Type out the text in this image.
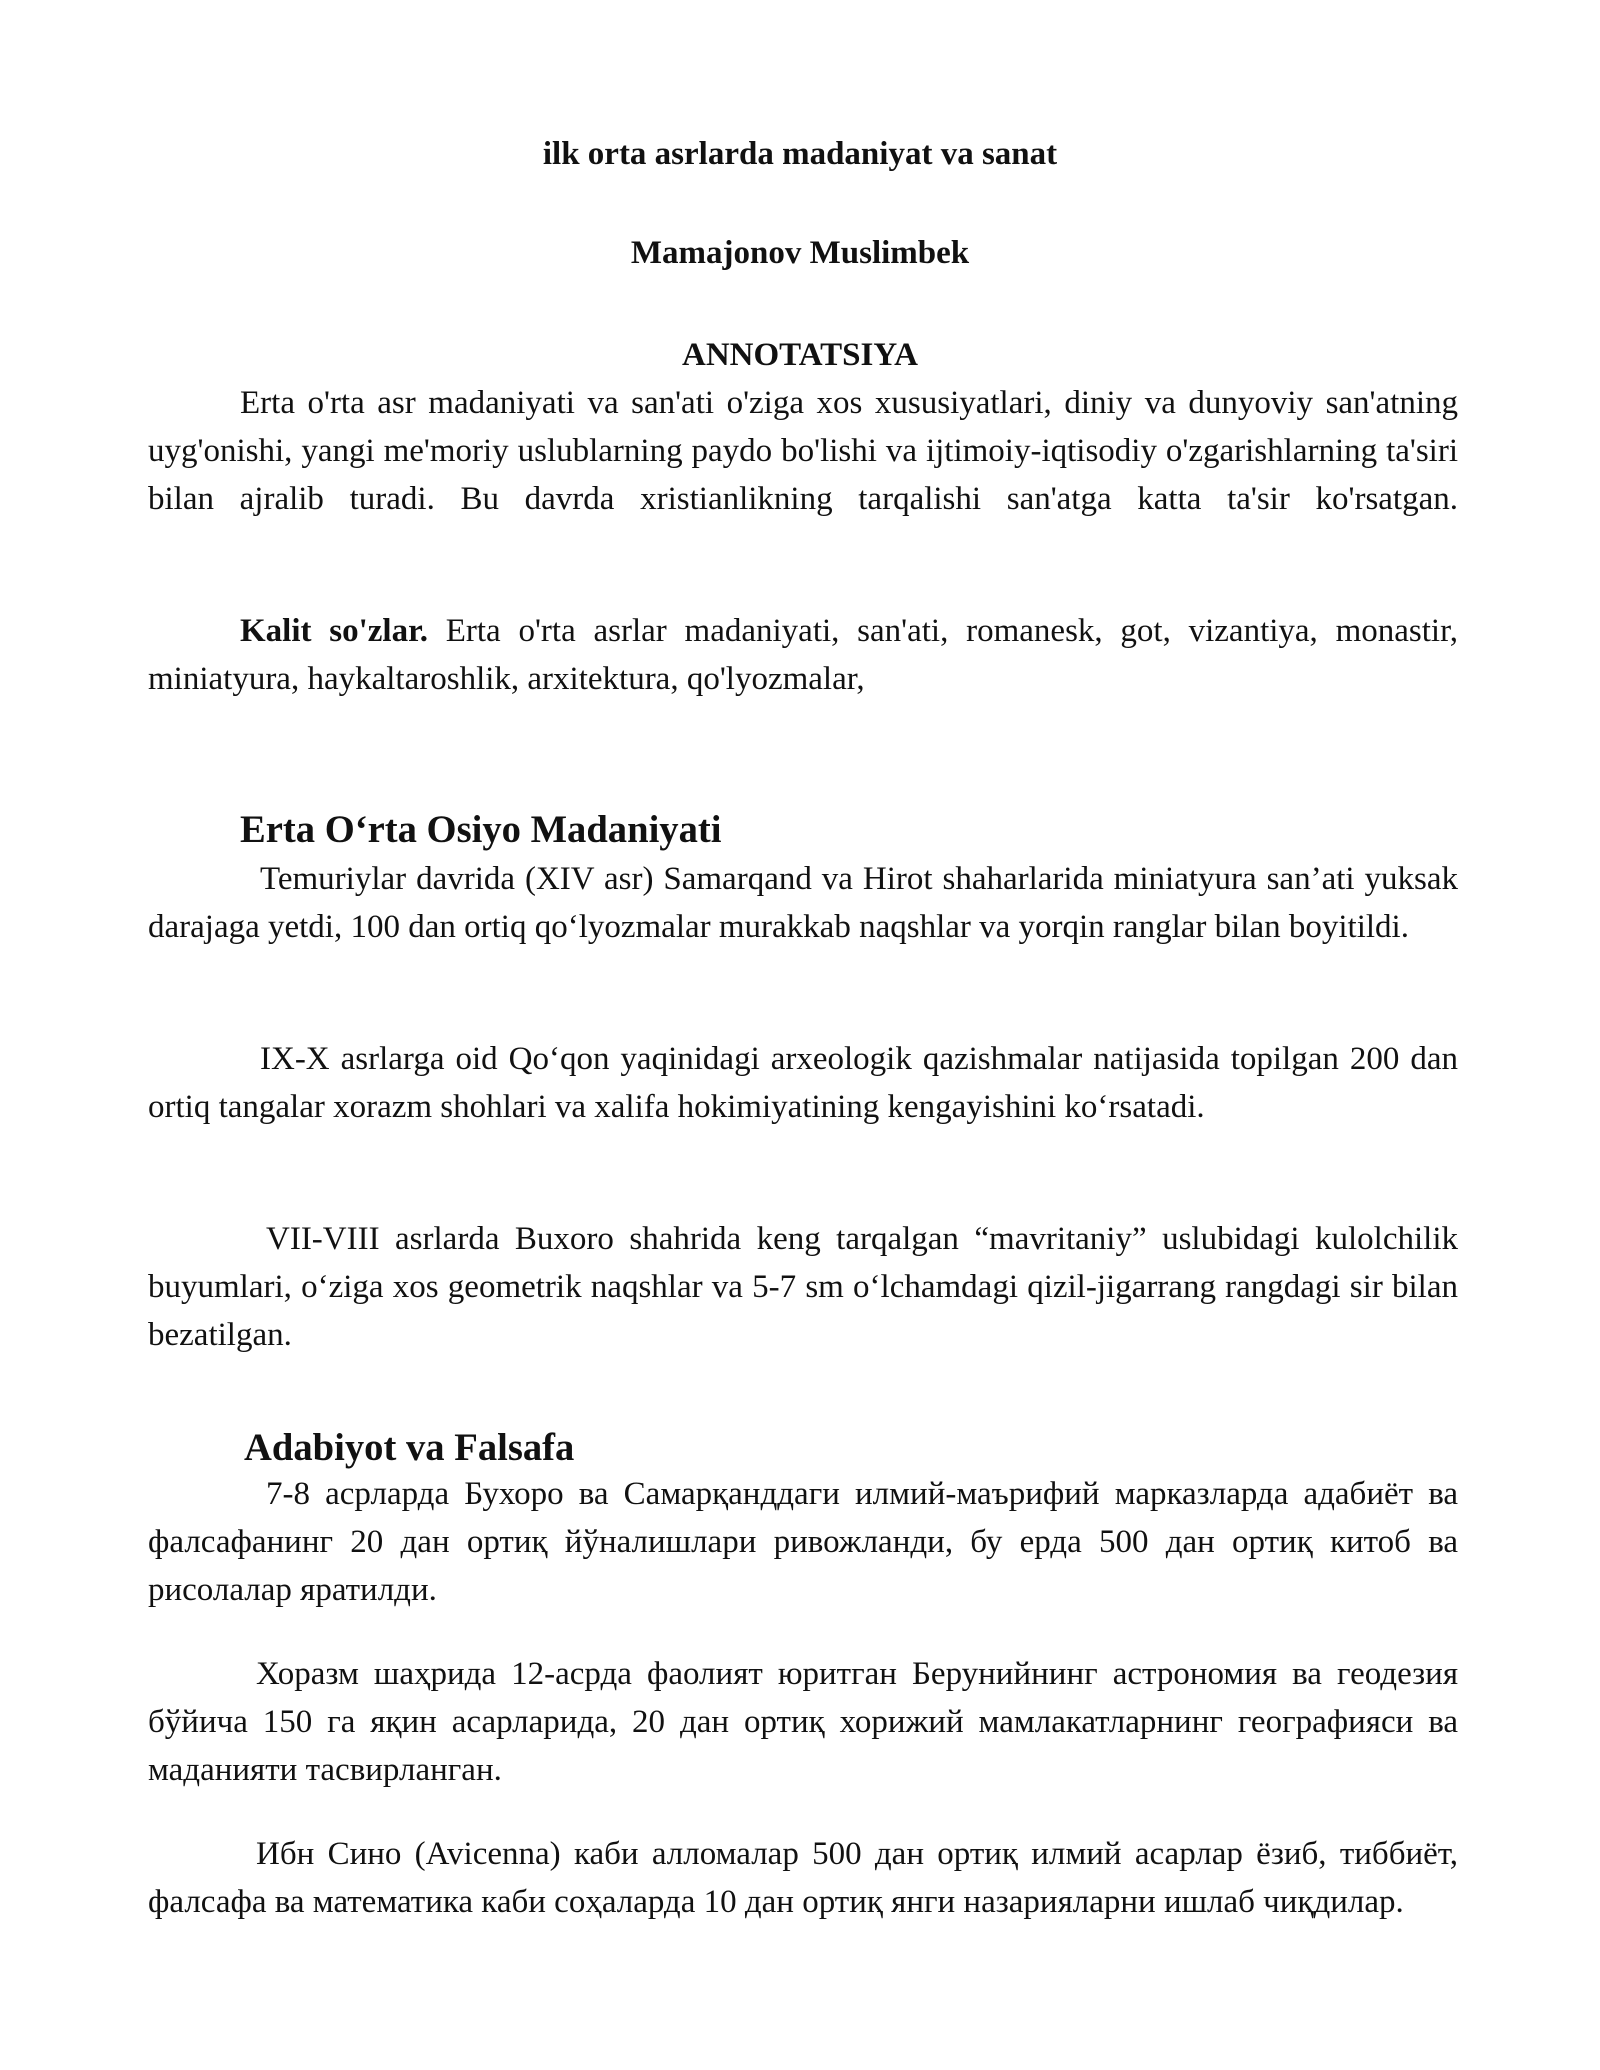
ilk orta asrlarda madaniyat va sanat

Mamajonov Muslimbek

ANNOTATSIYA

Erta o'rta asr madaniyati va san'ati o'ziga xos xususiyatlari, diniy va dunyoviy san'atning uyg'onishi, yangi me'moriy uslublarning paydo bo'lishi va ijtimoiy-iqtisodiy o'zgarishlarning ta'siri bilan ajralib turadi. Bu davrda xristianlikning tarqalishi san'atga katta ta'sir ko'rsatgan.

Kalit so'zlar. Erta o'rta asrlar madaniyati, san'ati, romanesk, got, vizantiya, monastir, miniatyura, haykaltaroshlik, arxitektura, qo'lyozmalar,

Erta O‘rta Osiyo Madaniyati

Temuriylar davrida (XIV asr) Samarqand va Hirot shaharlarida miniatyura san’ati yuksak darajaga yetdi, 100 dan ortiq qo‘lyozmalar murakkab naqshlar va yorqin ranglar bilan boyitildi.

IX-X asrlarga oid Qo‘qon yaqinidagi arxeologik qazishmalar natijasida topilgan 200 dan ortiq tangalar xorazm shohlari va xalifa hokimiyatining kengayishini ko‘rsatadi.

VII-VIII asrlarda Buxoro shahrida keng tarqalgan “mavritaniy” uslubidagi kulolchilik buyumlari, o‘ziga xos geometrik naqshlar va 5-7 sm o‘lchamdagi qizil-jigarrang rangdagi sir bilan bezatilgan.

Adabiyot va Falsafa

7-8 асрларда Бухоро ва Самарқанддаги илмий-маърифий марказларда адабиёт ва фалсафанинг 20 дан ортиқ йўналишлари ривожланди, бу ерда 500 дан ортиқ китоб ва рисолалар яратилди.

Хоразм шаҳрида 12-асрда фаолият юритган Берунийнинг астрономия ва геодезия бўйича 150 га яқин асарларида, 20 дан ортиқ хорижий мамлакатларнинг географияси ва маданияти тасвирланган.

Ибн Сино (Avicenna) каби алломалар 500 дан ортиқ илмий асарлар ёзиб, тиббиёт, фалсафа ва математика каби соҳаларда 10 дан ортиқ янги назарияларни ишлаб чиқдилар.
